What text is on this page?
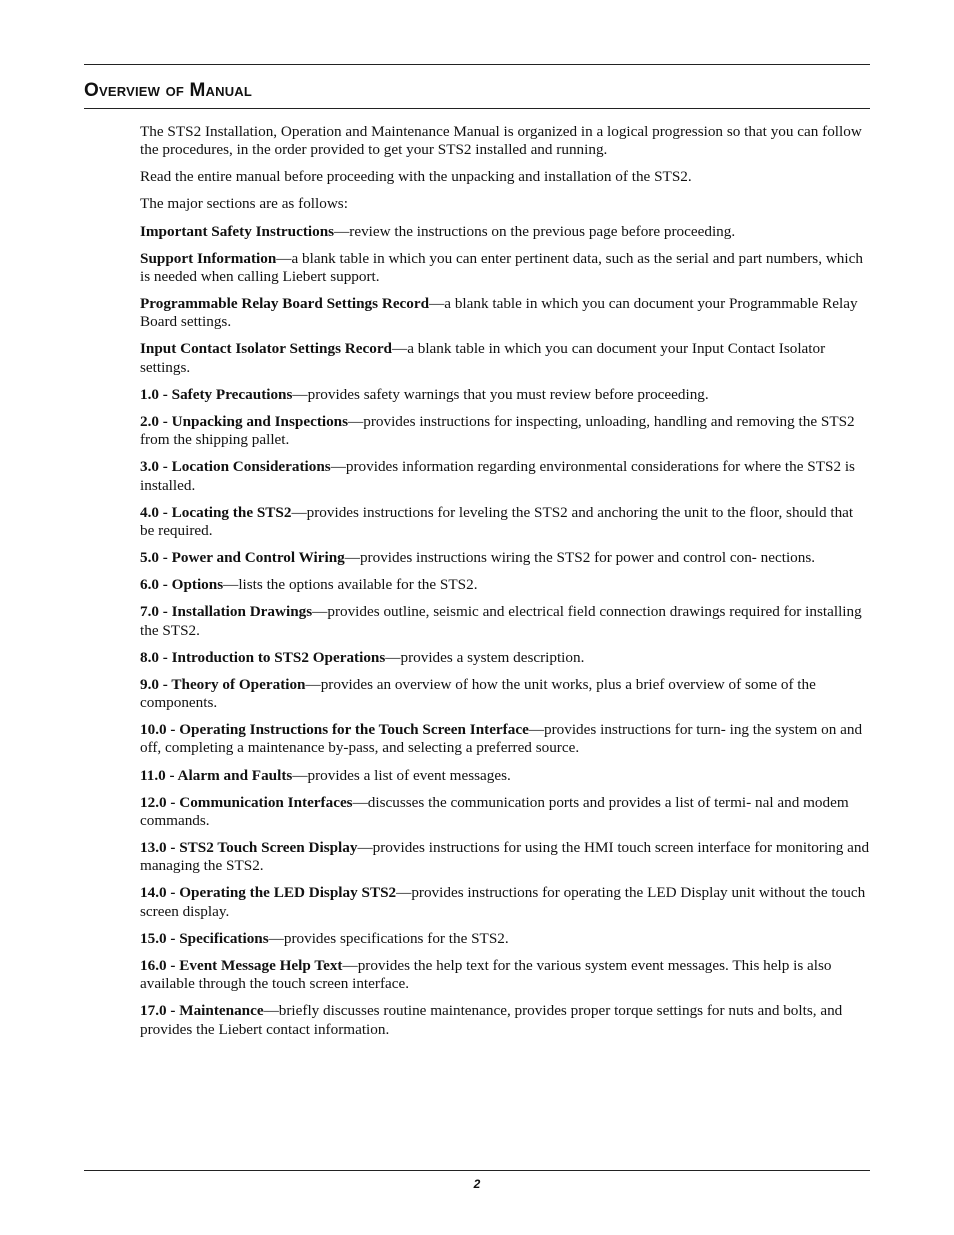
Overview of Manual

The STS2 Installation, Operation and Maintenance Manual is organized in a logical progression so that you can follow the procedures, in the order provided to get your STS2 installed and running.

Read the entire manual before proceeding with the unpacking and installation of the STS2.

The major sections are as follows:

Important Safety Instructions—review the instructions on the previous page before proceeding.

Support Information—a blank table in which you can enter pertinent data, such as the serial and part numbers, which is needed when calling Liebert support.

Programmable Relay Board Settings Record—a blank table in which you can document your Programmable Relay Board settings.

Input Contact Isolator Settings Record—a blank table in which you can document your Input Contact Isolator settings.

1.0 - Safety Precautions—provides safety warnings that you must review before proceeding.

2.0 - Unpacking and Inspections—provides instructions for inspecting, unloading, handling and removing the STS2 from the shipping pallet.

3.0 - Location Considerations—provides information regarding environmental considerations for where the STS2 is installed.

4.0 - Locating the STS2—provides instructions for leveling the STS2 and anchoring the unit to the floor, should that be required.

5.0 - Power and Control Wiring—provides instructions wiring the STS2 for power and control con- nections.

6.0 - Options—lists the options available for the STS2.

7.0 - Installation Drawings—provides outline, seismic and electrical field connection drawings required for installing the STS2.

8.0 - Introduction to STS2 Operations—provides a system description.

9.0 - Theory of Operation—provides an overview of how the unit works, plus a brief overview of some of the components.

10.0 - Operating Instructions for the Touch Screen Interface—provides instructions for turn- ing the system on and off, completing a maintenance by-pass, and selecting a preferred source.

11.0 - Alarm and Faults—provides a list of event messages.

12.0 - Communication Interfaces—discusses the communication ports and provides a list of termi- nal and modem commands.

13.0 - STS2 Touch Screen Display—provides instructions for using the HMI touch screen interface for monitoring and managing the STS2.

14.0 - Operating the LED Display STS2—provides instructions for operating the LED Display unit without the touch screen display.

15.0 - Specifications—provides specifications for the STS2.

16.0 - Event Message Help Text—provides the help text for the various system event messages. This help is also available through the touch screen interface.

17.0 - Maintenance—briefly discusses routine maintenance, provides proper torque settings for nuts and bolts, and provides the Liebert contact information.

2
